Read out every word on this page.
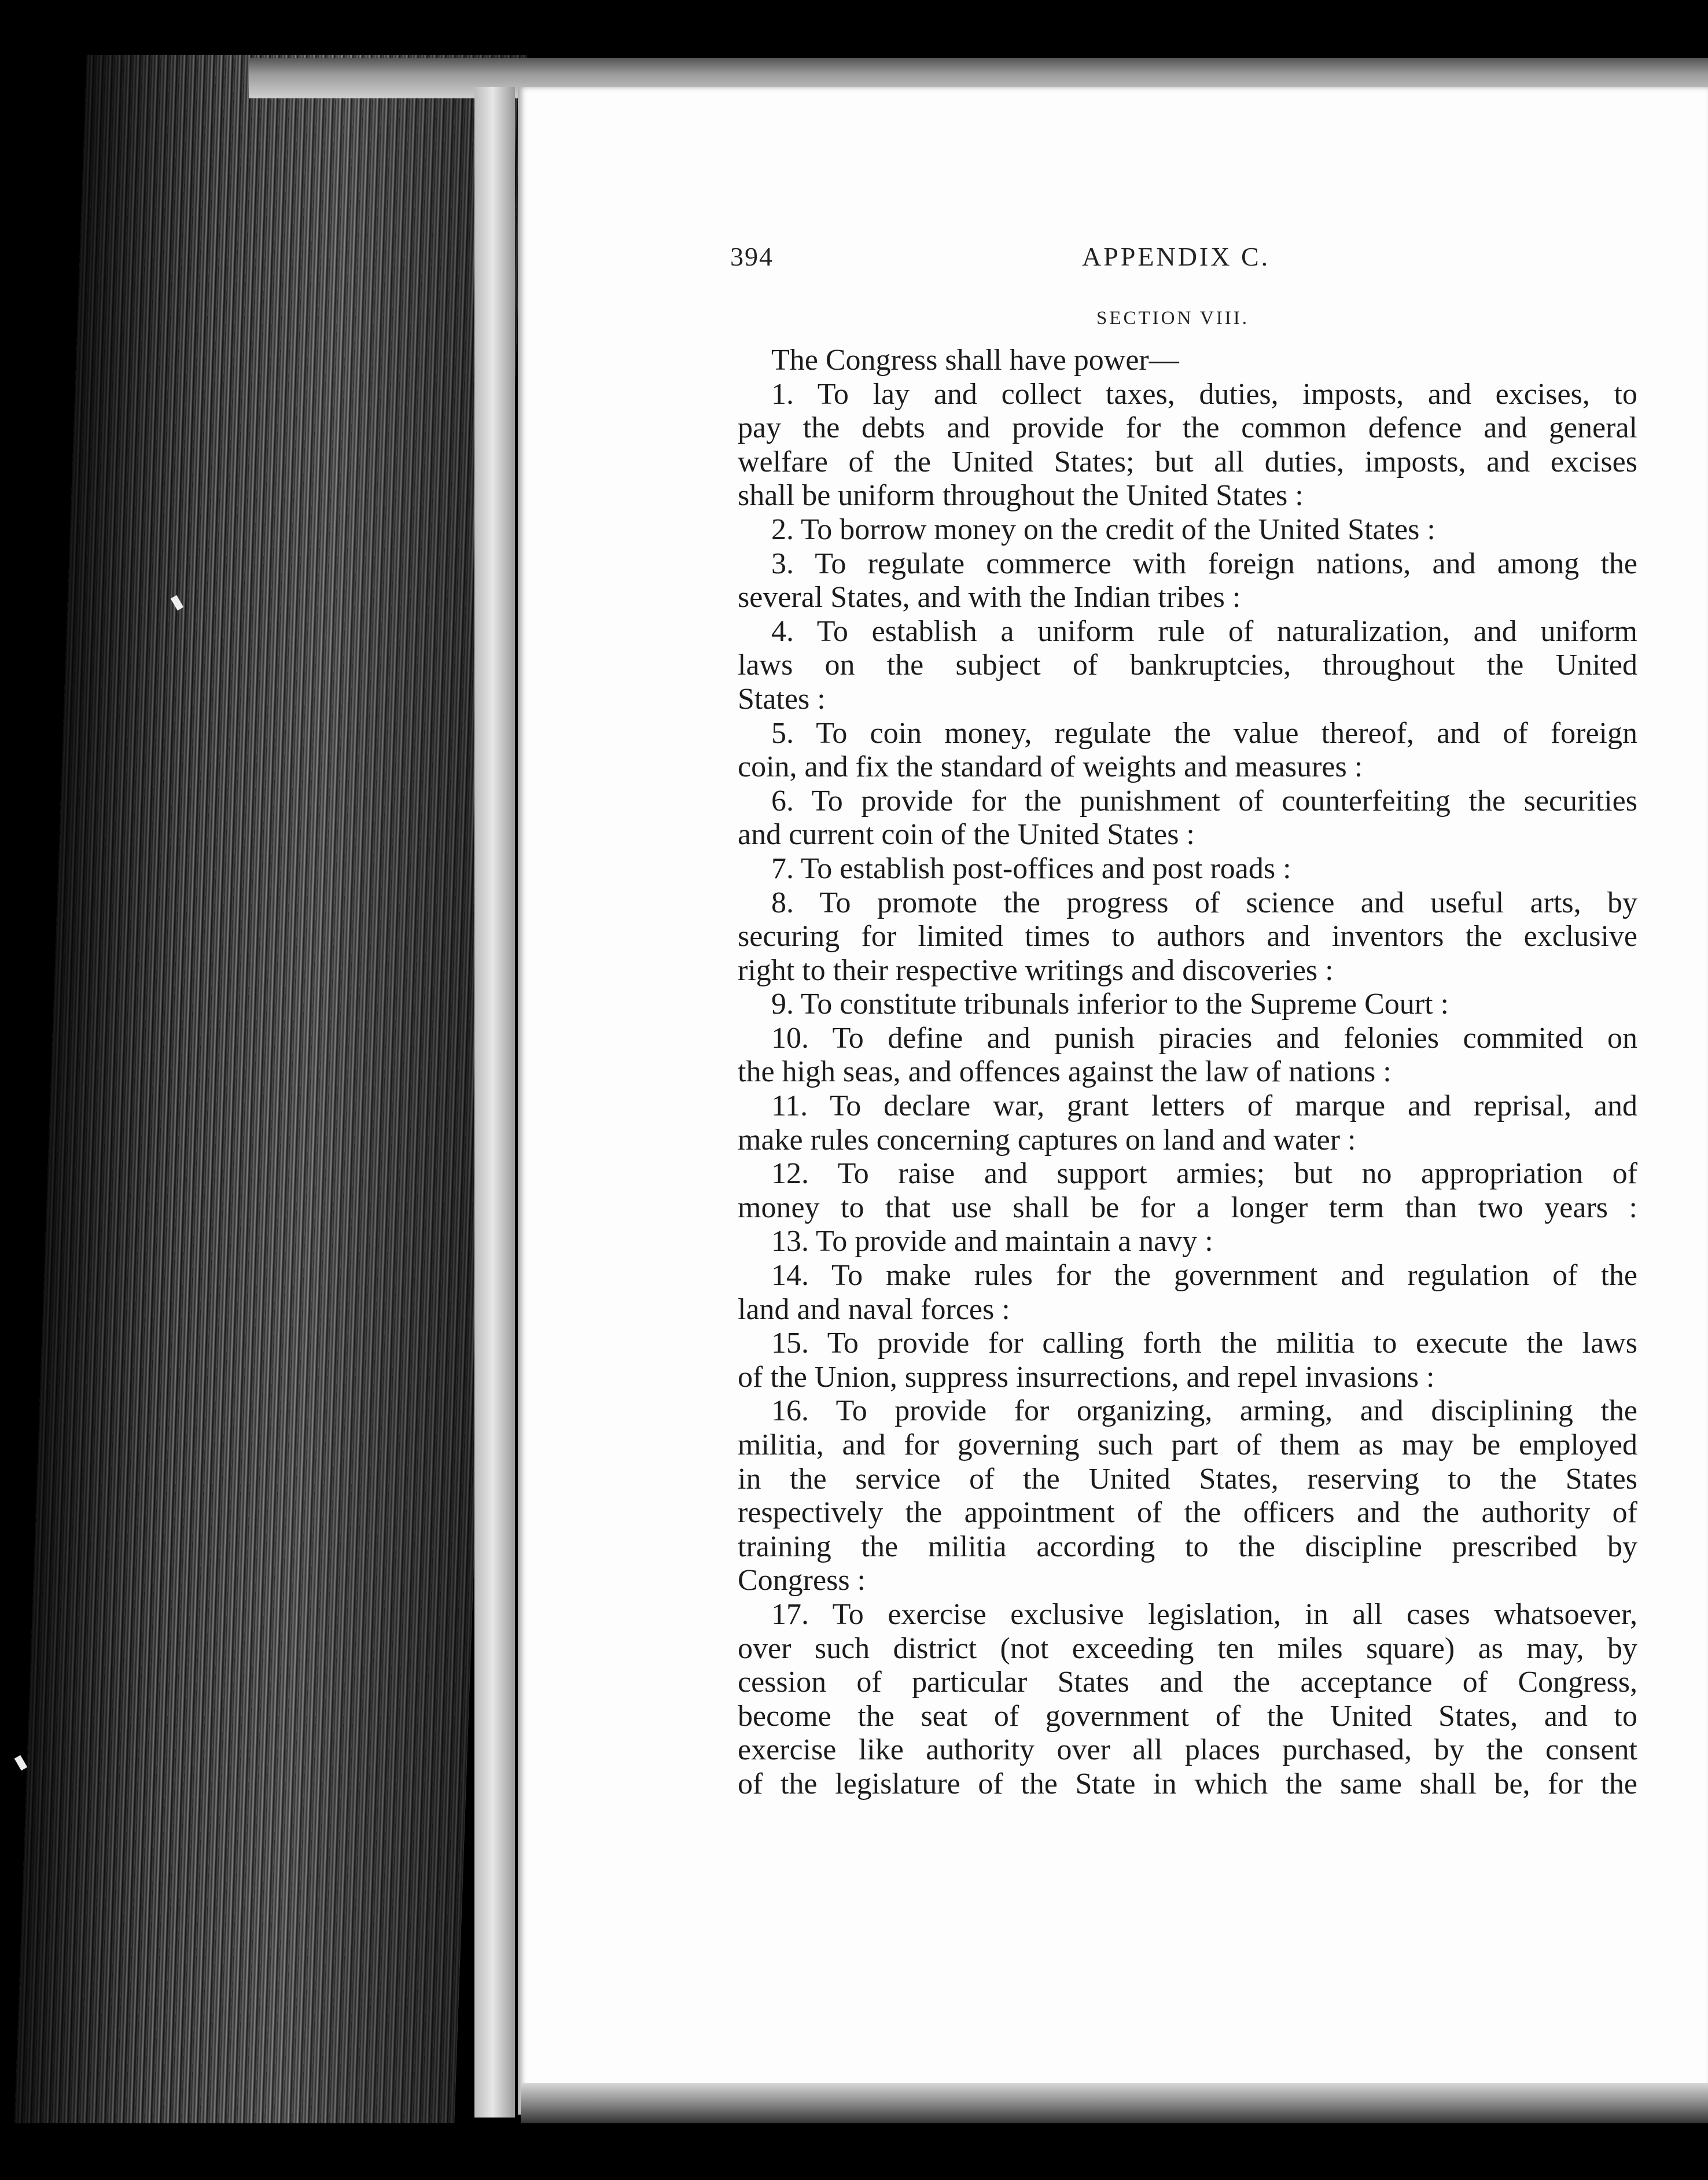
394	APPENDIX C.
SECTION VIII.
The Congress shall have power—
1. To lay and collect taxes, duties, imposts, and excises, to
pay the debts and provide for the common defence and general
welfare of the United States; but all duties, imposts, and excises
shall be uniform throughout the United States :
2. To borrow money on the credit of the United States :
3. To regulate commerce with foreign nations, and among the
several States, and with the Indian tribes :
4. To establish a uniform rule of naturalization, and uniform
laws on the subject of bankruptcies, throughout the United
States :
5. To coin money, regulate the value thereof, and of foreign
coin, and fix the standard of weights and measures :
6. To provide for the punishment of counterfeiting the securities
and current coin of the United States :
7. To establish post-offices and post roads :
8. To promote the progress of science and useful arts, by
securing for limited times to authors and inventors the exclusive
right to their respective writings and discoveries :
9. To constitute tribunals inferior to the Supreme Court :
10. To define and punish piracies and felonies commited on
the high seas, and offences against the law of nations :
11. To declare war, grant letters of marque and reprisal, and
make rules concerning captures on land and water :
12. To raise and support armies; but no appropriation of
money to that use shall be for a longer term than two years :
13. To provide and maintain a navy :
14. To make rules for the government and regulation of the
land and naval forces :
15. To provide for calling forth the militia to execute the laws
of the Union, suppress insurrections, and repel invasions :
16. To provide for organizing, arming, and disciplining the
militia, and for governing such part of them as may be employed
in the service of the United States, reserving to the States
respectively the appointment of the officers and the authority of
training the militia according to the discipline prescribed by
Congress :
17. To exercise exclusive legislation, in all cases whatsoever,
over such district (not exceeding ten miles square) as may, by
cession of particular States and the acceptance of Congress,
become the seat of government of the United States, and to
exercise like authority over all places purchased, by the consent
of the legislature of the State in which the same shall be, for the
